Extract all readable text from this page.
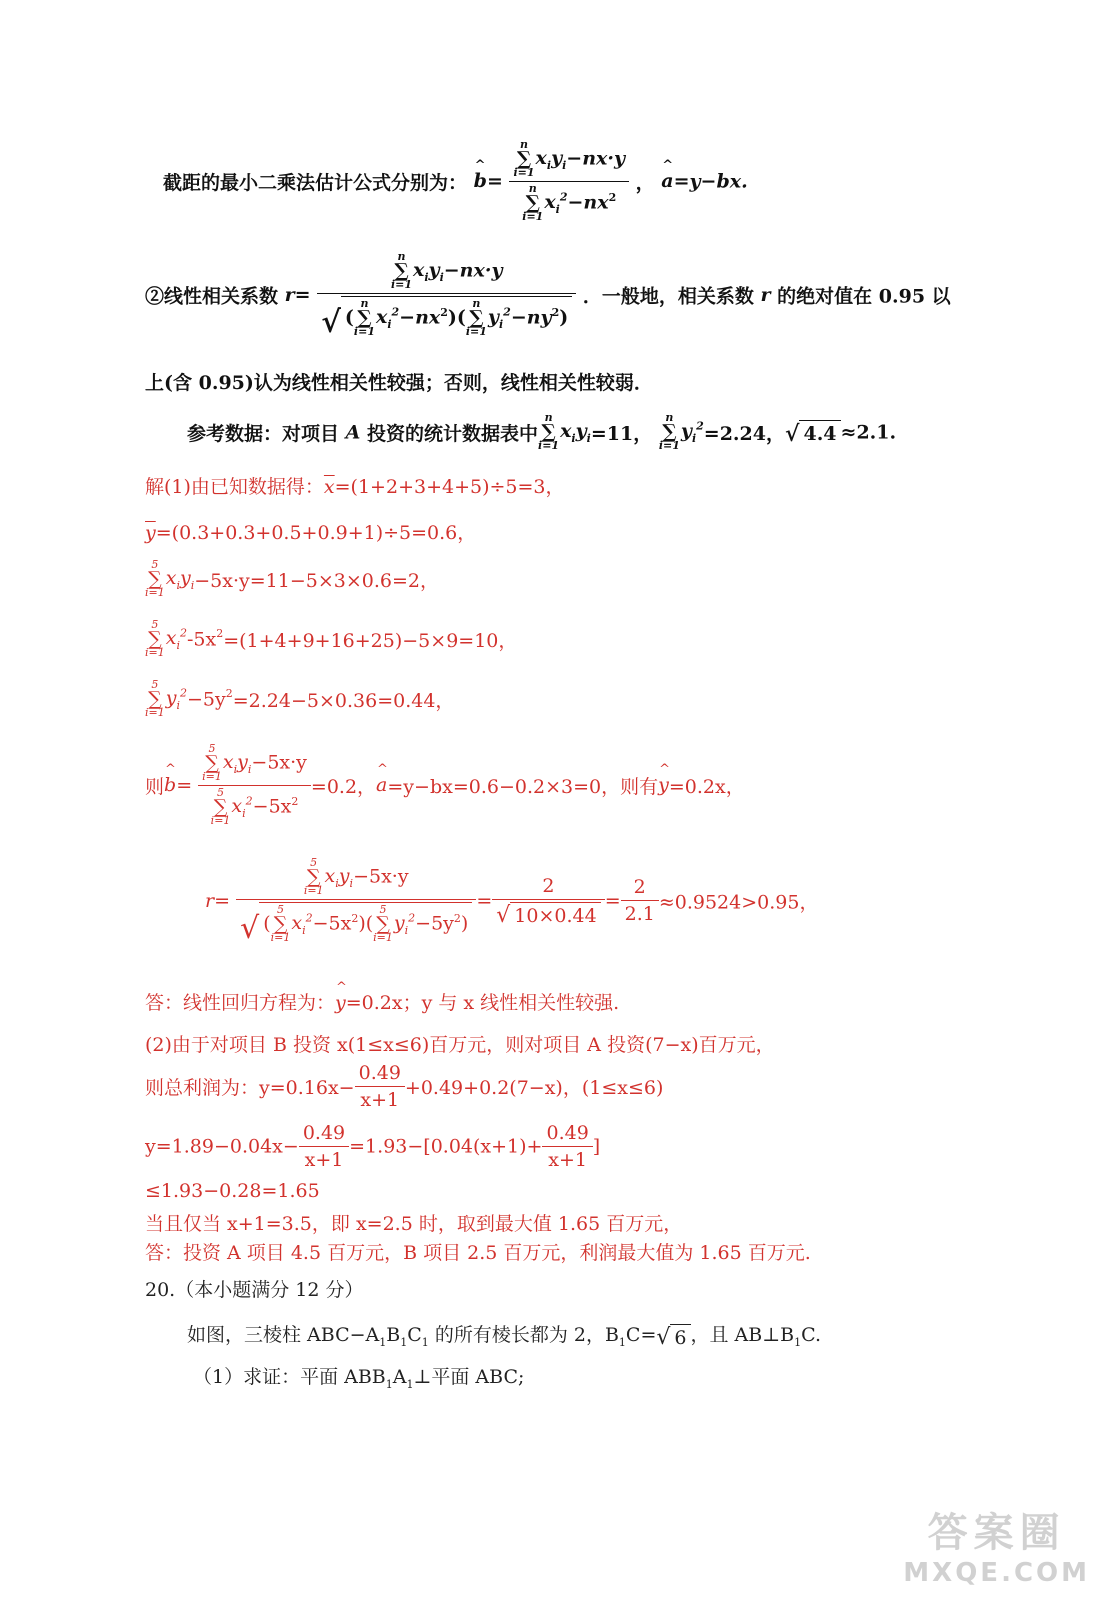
截距的最小二乘法估计公式分别为： ^ b= n
∑
i=1
$x_iy_i-nx\cdot y$
n
∑
i=1
$x_i^2-nx^2$ ， ^ a=y−bx.
②线性相关系数 r= n
∑
i=1
$x_iy_i-nx\cdot y$
√ (
n
∑
i=1
$x_i^2-nx^2$)(
n
∑
i=1
$y_i^2-ny^2$) ．一般地，相关系数 r 的绝对值在 0.95 以
上(含 0.95)认为线性相关性较强；否则，线性相关性较弱．
参考数据：对项目 A 投资的统计数据表中
n
∑
i=1
$x_iy_i=11$，
n
∑
i=1
$y_i^2=2.24$，√ 4.4 ≈2.1.
解(1)由已知数据得：$\overline{x}=(1+2+3+4+5)\div 5=3$，
$\overline{y}=(0.3+0.3+0.5+0.9+1)\div 5=0.6$，
5
∑
i=1
$x_iy_i-5x\cdot y=11-5\times 3\times 0.6=2$，
5
∑
i=1
$x_i^2-5x^2=(1+4+9+16+25)-5\times 9=10$，
5
∑
i=1
$y_i^2-5y^2=2.24-5\times 0.36=0.44$，
则^ b= 5
∑
i=1
$x_iy_i-5x\cdot y$
5
∑
i=1
$x_i^2-5x^2 =0.2$，^ a=y−bx=0.6−0.2×3=0，则有^ y=0.2x，
r= 5
∑
i=1
$x_iy_i-5x\cdot y$
√ (
5
∑
i=1
$x_i^2-5x^2$)(
5
∑
i=1
$y_i^2-5y^2) = \frac{2}{√ 10\times 0.44} = \frac{2}{2.1} \approx 0.9524>0.95$，
答：线性回归方程为：^ y=0.2x；y 与 x 线性相关性较强.
(2)由于对项目 B 投资 x(1≤x≤6)百万元，则对项目 A 投资(7−x)百万元，
则总利润为：$y=0.16x- \frac{0.49}{x+1} +0.49+0.2(7-x)$，(1≤x≤6)
$y=1.89-0.04x- \frac{0.49}{x+1} =1.93-[0.04(x+1)+ \frac{0.49}{x+1}$ ]
≤1.93−0.28=1.65
当且仅当 x+1=3.5，即 x=2.5 时，取到最大值 1.65 百万元，
答：投资 A 项目 4.5 百万元，B 项目 2.5 百万元，利润最大值为 1.65 百万元.
20.（本小题满分 12 分）
如图，三棱柱 $ABC-A_1B_1C_1$ 的所有棱长都为 2，$B_1C=√$ 6 ，且 $AB\perp B_1C$.
（1）求证：平面 $ABB_1A_1\perp$平面 ABC;
答案圈
MXQE.COM
